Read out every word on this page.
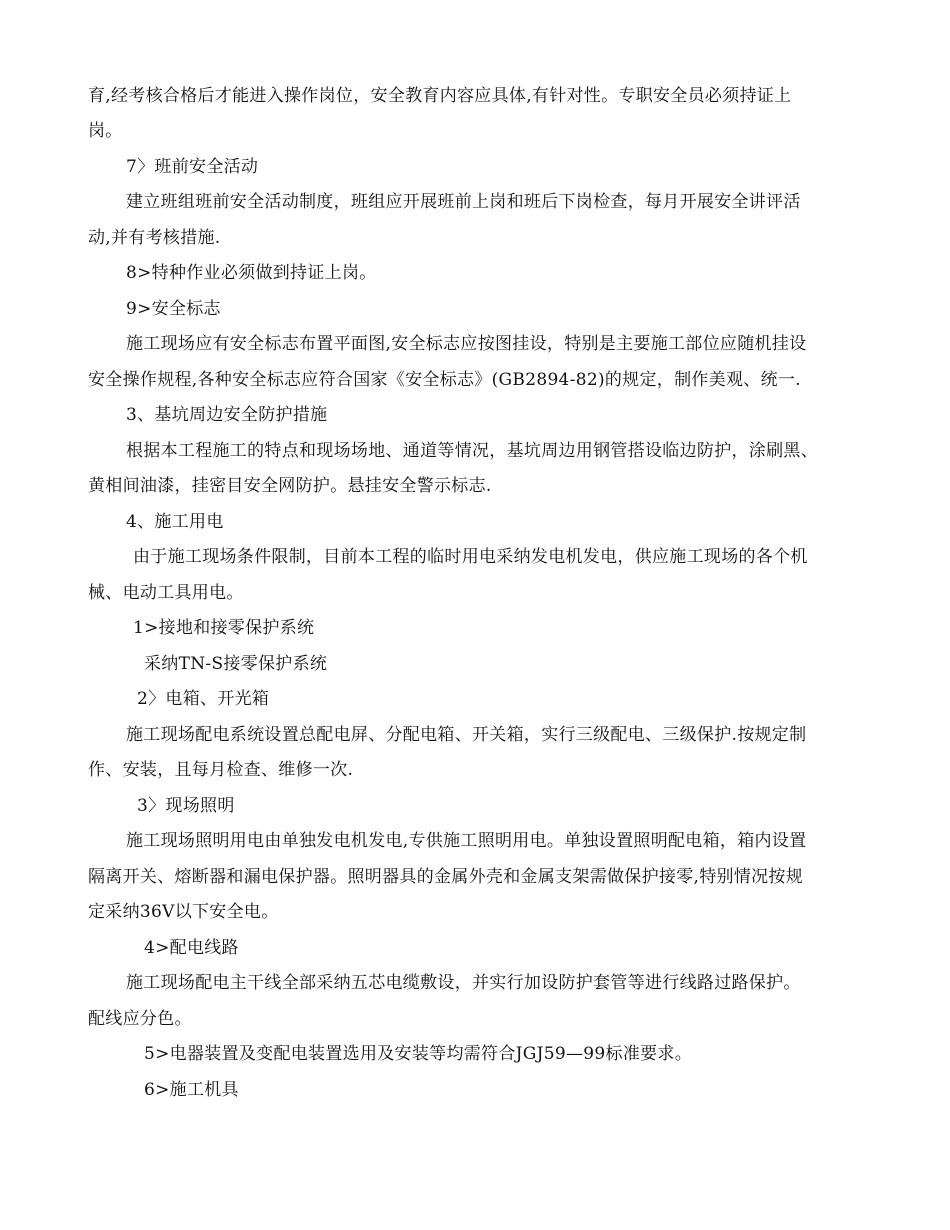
育,经考核合格后才能进入操作岗位，安全教育内容应具体,有针对性。专职安全员必须持证上
岗。
7〉班前安全活动
建立班组班前安全活动制度，班组应开展班前上岗和班后下岗检查，每月开展安全讲评活
动,并有考核措施.
8>特种作业必须做到持证上岗。
9>安全标志
施工现场应有安全标志布置平面图,安全标志应按图挂设，特别是主要施工部位应随机挂设
安全操作规程,各种安全标志应符合国家《安全标志》(GB2894-82)的规定，制作美观、统一.
3、基坑周边安全防护措施
根据本工程施工的特点和现场场地、通道等情况，基坑周边用钢管搭设临边防护，涂刷黑、
黄相间油漆，挂密目安全网防护。悬挂安全警示标志.
4、施工用电
由于施工现场条件限制，目前本工程的临时用电采纳发电机发电，供应施工现场的各个机
械、电动工具用电。
1>接地和接零保护系统
采纳TN-S接零保护系统
2〉电箱、开光箱
施工现场配电系统设置总配电屏、分配电箱、开关箱，实行三级配电、三级保护.按规定制
作、安装，且每月检查、维修一次.
3〉现场照明
施工现场照明用电由单独发电机发电,专供施工照明用电。单独设置照明配电箱，箱内设置
隔离开关、熔断器和漏电保护器。照明器具的金属外壳和金属支架需做保护接零,特别情况按规
定采纳36V以下安全电。
4>配电线路
施工现场配电主干线全部采纳五芯电缆敷设，并实行加设防护套管等进行线路过路保护。
配线应分色。
5>电器装置及变配电装置选用及安装等均需符合JGJ59—99标准要求。
6>施工机具
